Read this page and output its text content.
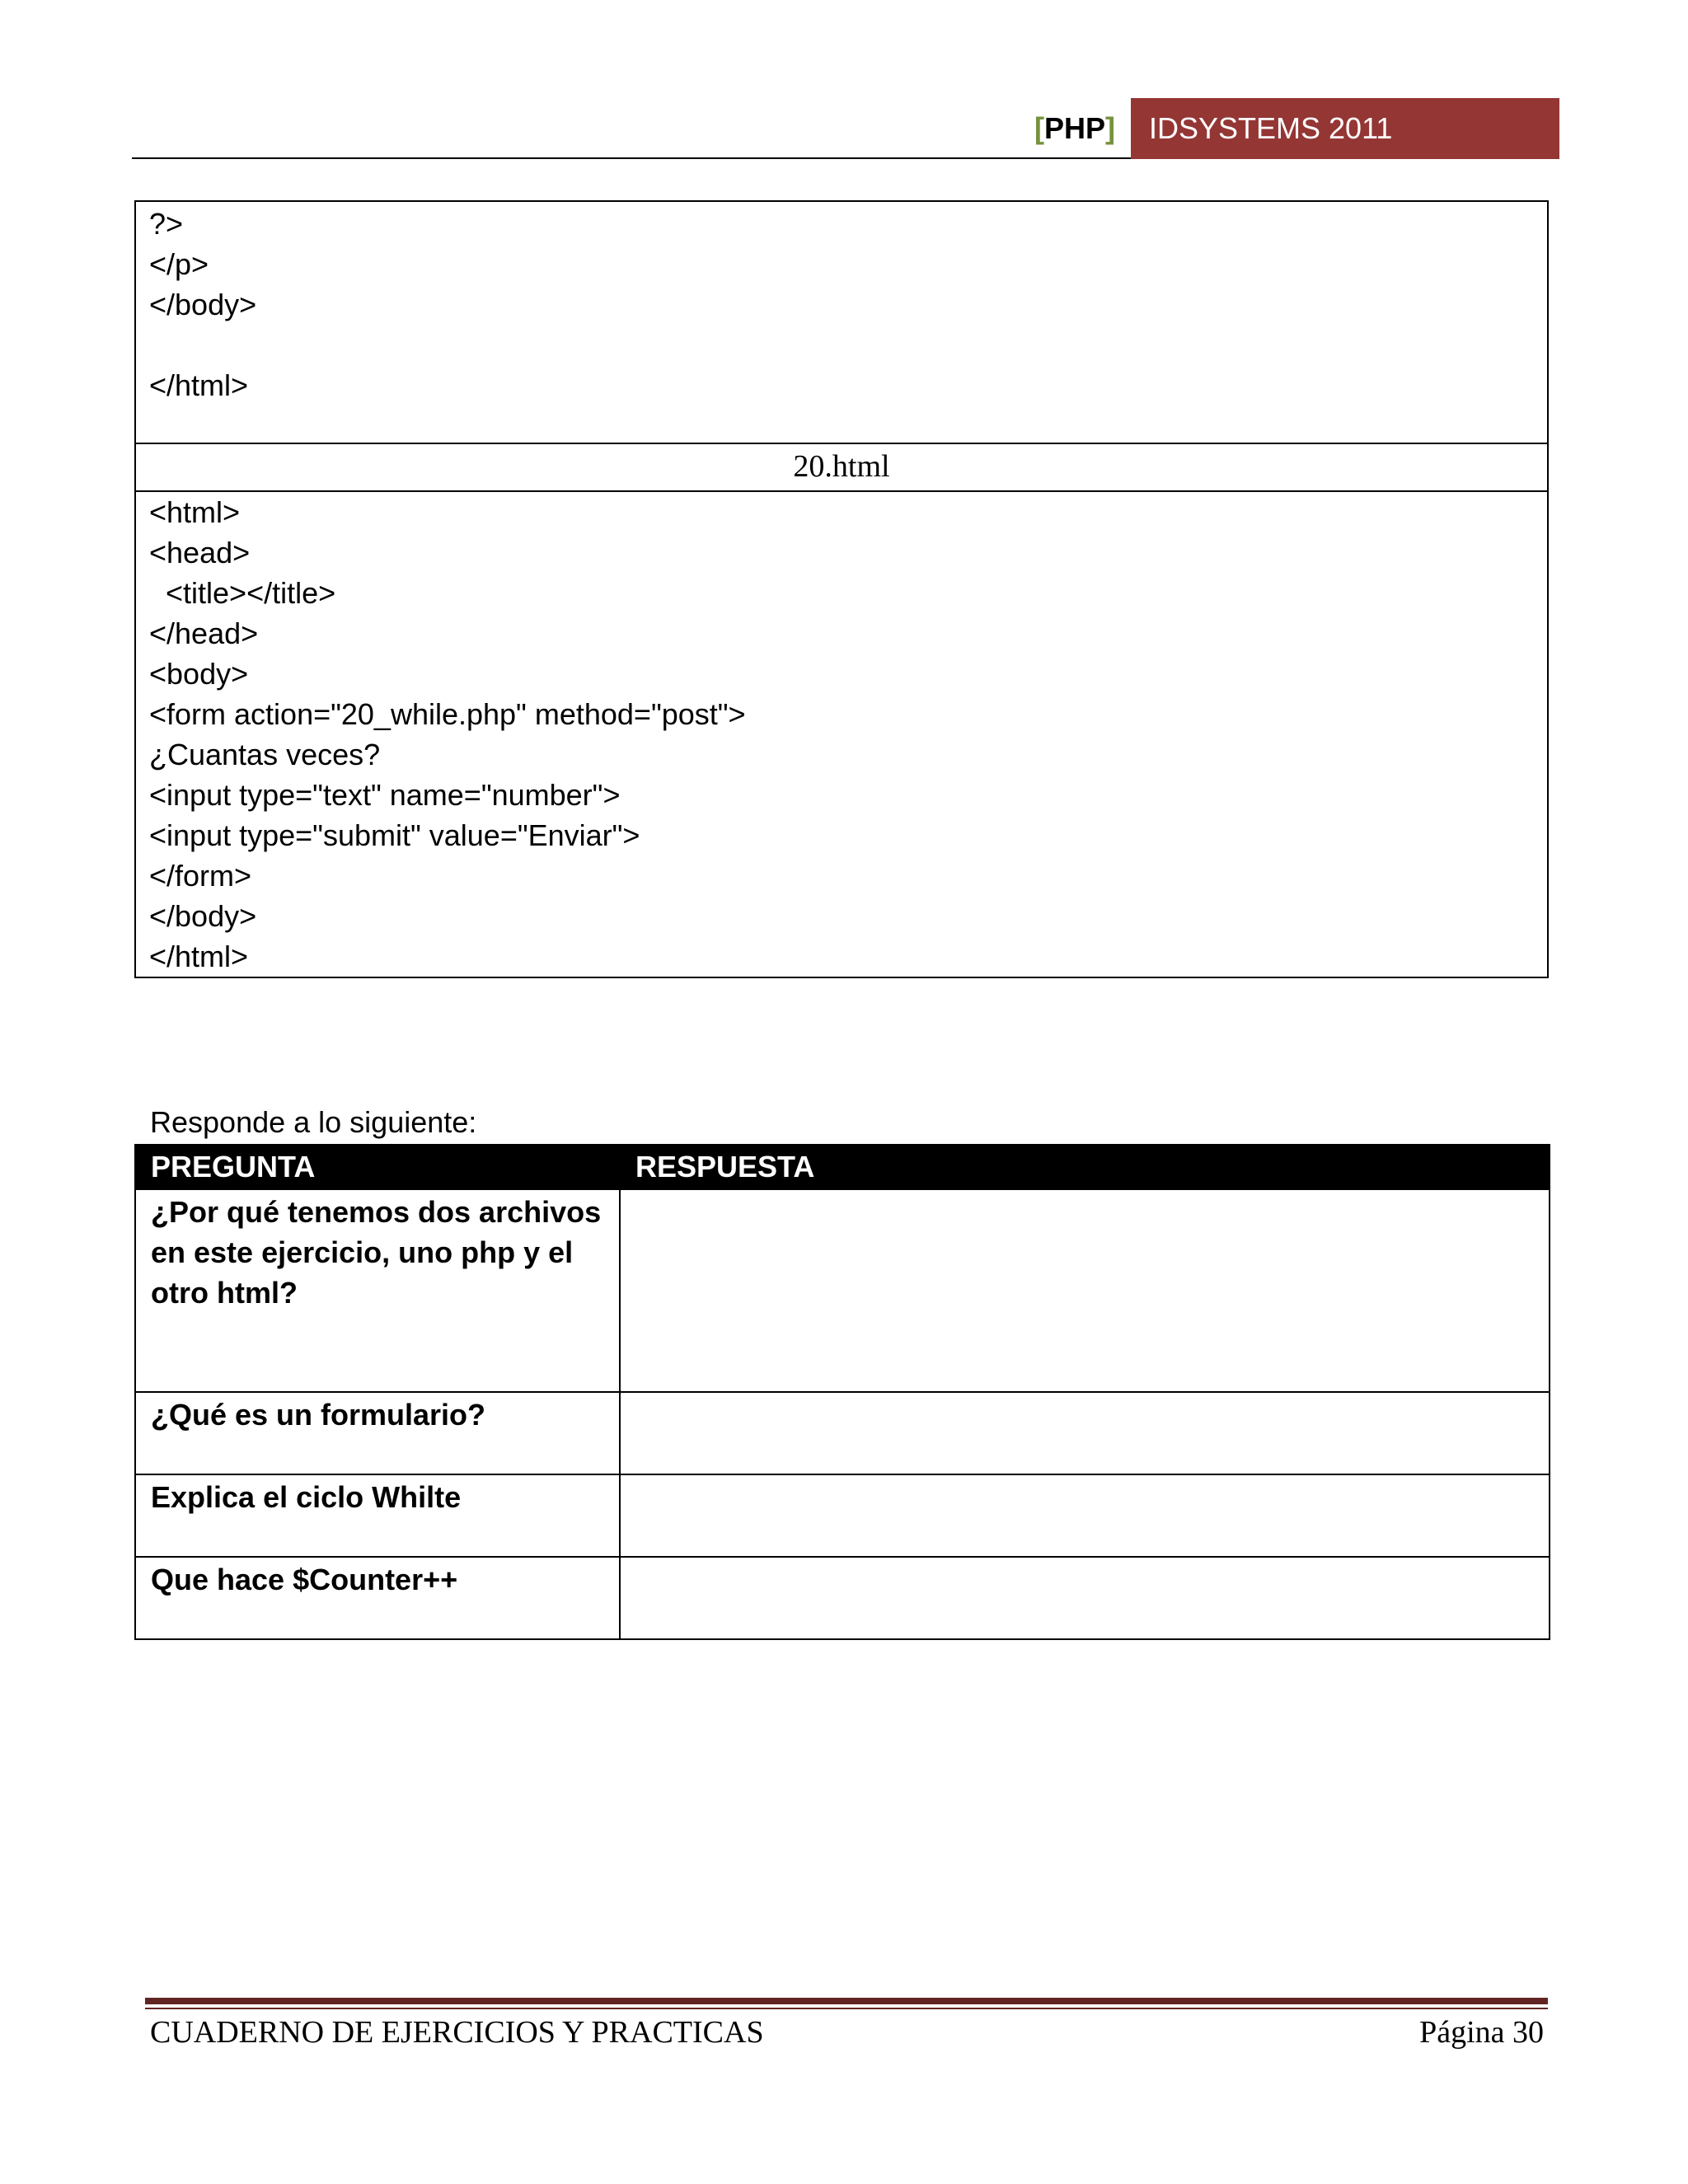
[PHP]	IDSYSTEMS 2011
?>
</p>
</body>
</html>

20.html

<html>
<head>
<title></title>
</head>
<body>
<form action="20_while.php" method="post">
¿Cuantas veces?
<input type="text" name="number">
<input type="submit" value="Enviar">
</form>
</body>
</html>
Responde a lo siguiente:
PREGUNTA	RESPUESTA
¿Por qué tenemos dos archivos en este ejercicio, uno php y el otro html?	
¿Qué es un formulario?	
Explica el ciclo Whilte	
Que hace $Counter++	
CUADERNO DE EJERCICIOS Y PRACTICAS	Página 30
